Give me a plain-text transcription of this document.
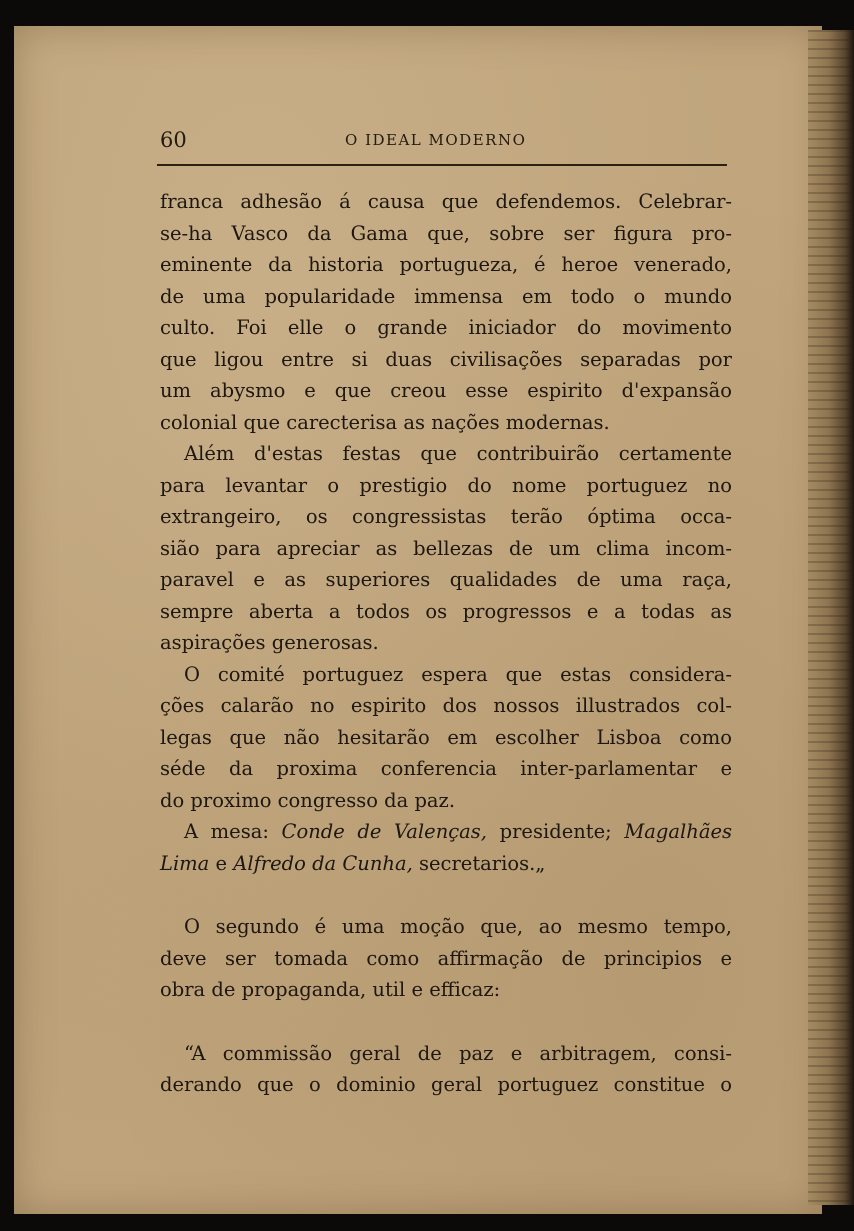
60	O IDEAL MODERNO
franca adhesão á causa que defendemos. Celebrar-
se-ha Vasco da Gama que, sobre ser figura pro-
eminente da historia portugueza, é heroe venerado,
de uma popularidade immensa em todo o mundo
culto. Foi elle o grande iniciador do movimento
que ligou entre si duas civilisações separadas por
um abysmo e que creou esse espirito d'expansão
colonial que carecterisa as nações modernas.
Além d'estas festas que contribuirão certamente
para levantar o prestigio do nome portuguez no
extrangeiro, os congressistas terão óptima occa-
sião para apreciar as bellezas de um clima incom-
paravel e as superiores qualidades de uma raça,
sempre aberta a todos os progressos e a todas as
aspirações generosas.
O comité portuguez espera que estas considera-
ções calarão no espirito dos nossos illustrados col-
legas que não hesitarão em escolher Lisboa como
séde da proxima conferencia inter-parlamentar e
do proximo congresso da paz.
A mesa: Conde de Valenças, presidente; Magalhães
Lima e Alfredo da Cunha, secretarios.„
O segundo é uma moção que, ao mesmo tempo,
deve ser tomada como affirmação de principios e
obra de propaganda, util e efficaz:
“A commissão geral de paz e arbitragem, consi-
derando que o dominio geral portuguez constitue o
